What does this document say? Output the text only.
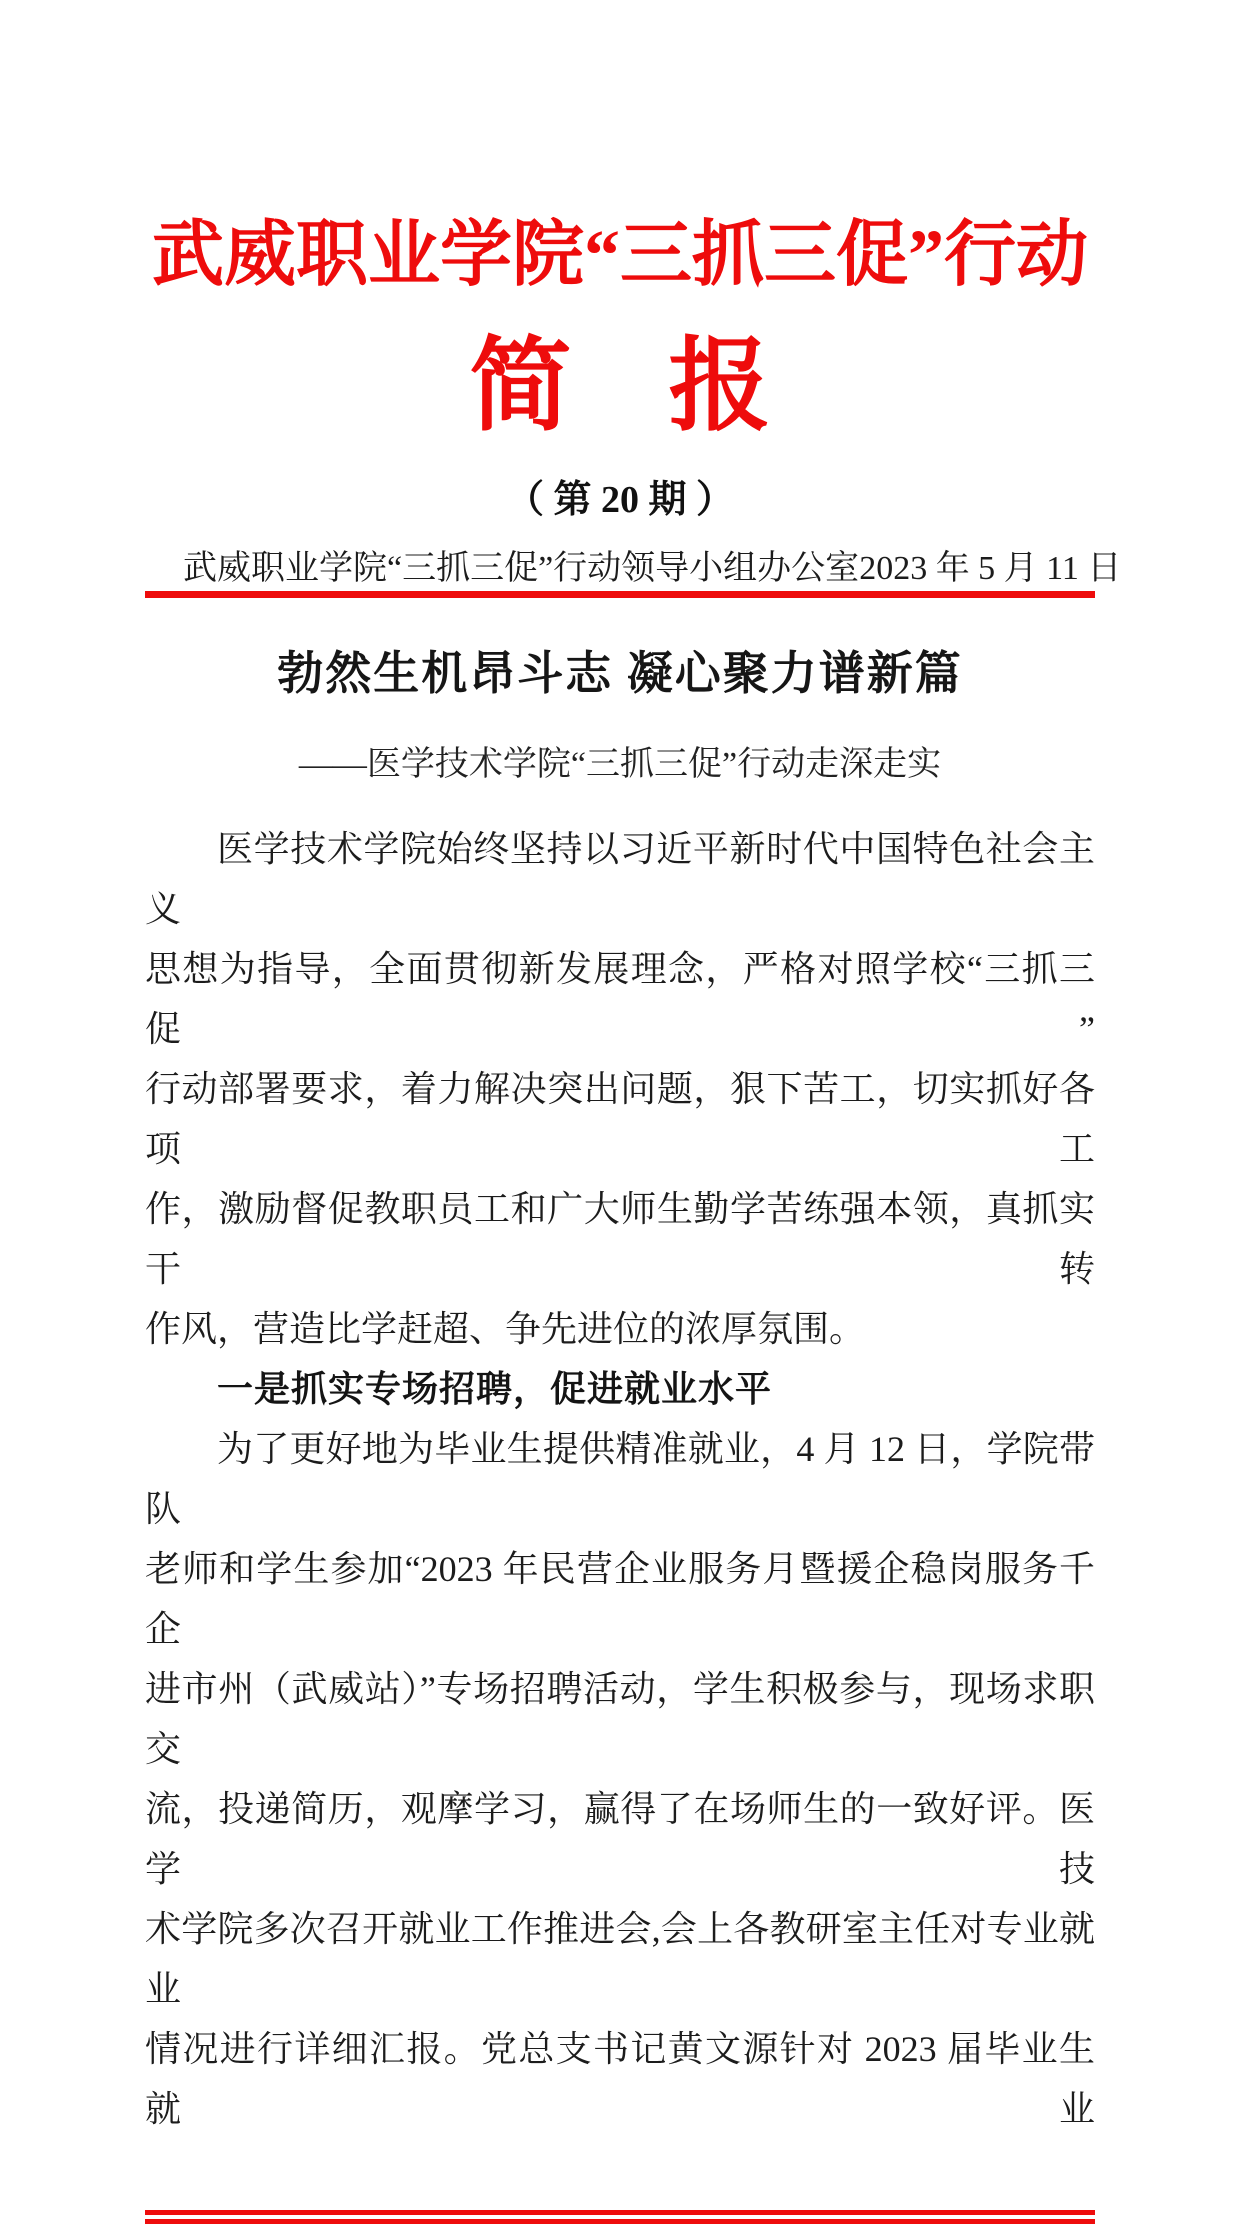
武威职业学院“三抓三促”行动
简 报
（ 第 20 期 ）
武威职业学院“三抓三促”行动领导小组办公室 2023 年 5 月 11 日
勃然生机昂斗志 凝心聚力谱新篇
——医学技术学院“三抓三促”行动走深走实
医学技术学院始终坚持以习近平新时代中国特色社会主义
思想为指导，全面贯彻新发展理念，严格对照学校“三抓三促”
行动部署要求，着力解决突出问题，狠下苦工，切实抓好各项工
作，激励督促教职员工和广大师生勤学苦练强本领，真抓实干转
作风，营造比学赶超、争先进位的浓厚氛围。
一是抓实专场招聘，促进就业水平
为了更好地为毕业生提供精准就业，4 月 12 日，学院带队
老师和学生参加“2023 年民营企业服务月暨援企稳岗服务千企
进市州（武威站）”专场招聘活动，学生积极参与，现场求职交
流，投递简历，观摩学习，赢得了在场师生的一致好评。医学技
术学院多次召开就业工作推进会,会上各教研室主任对专业就业
情况进行详细汇报。党总支书记黄文源针对 2023 届毕业生就业
